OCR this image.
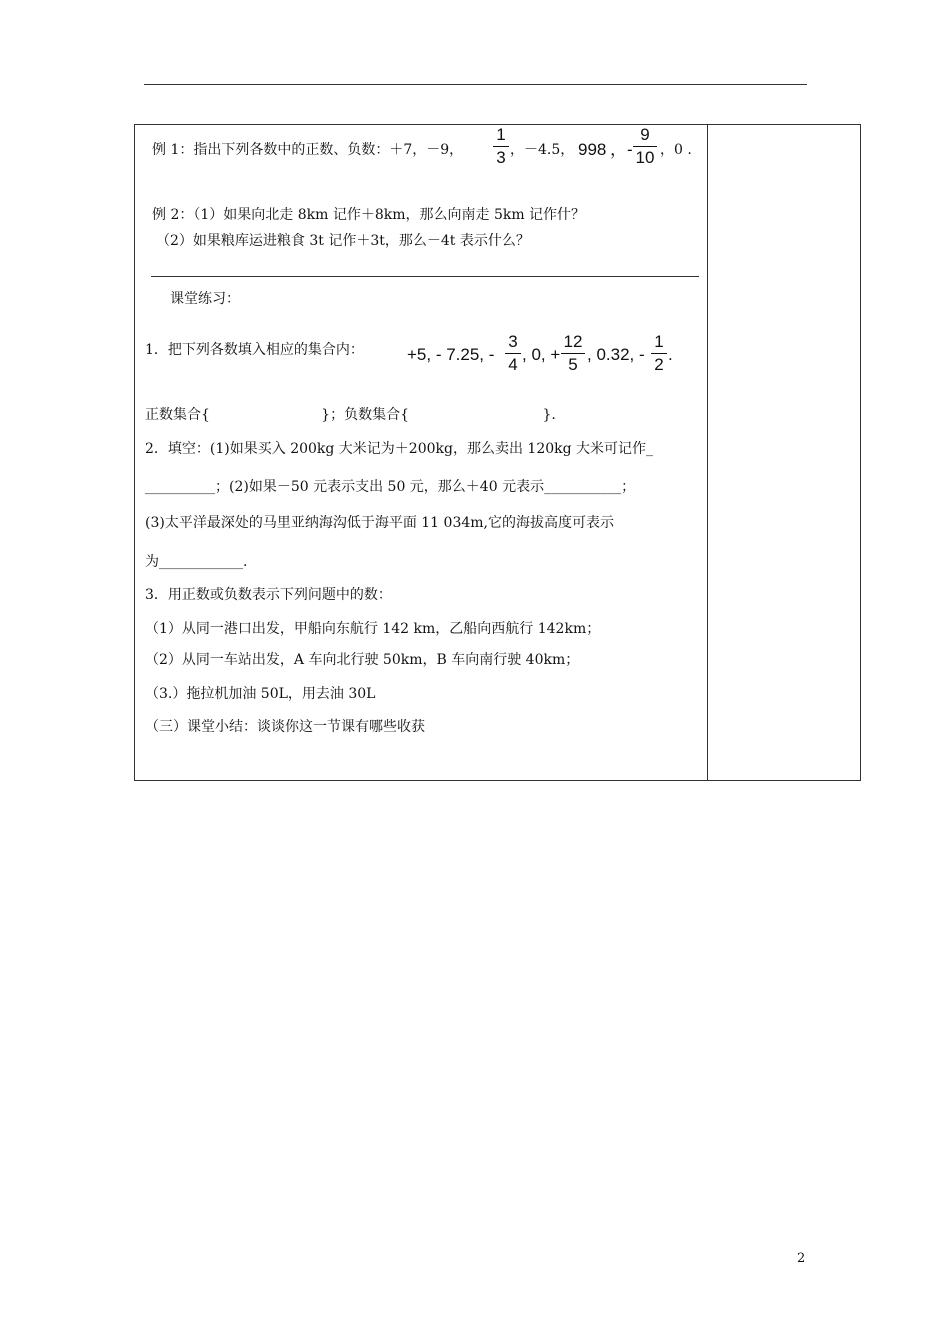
例 1：指出下列各数中的正数、负数：＋7，－9，
1
3 ，－4.5， 998 ，-
9
10 ，0 .
例 2：（1）如果向北走 8km 记作＋8km，那么向南走 5km 记作什？
（2）如果粮库运进粮食 3t 记作＋3t，那么－4t 表示什么？
课堂练习：
1．把下列各数填入相应的集合内：	+5, - 7.25, -
3
4
, 0, +
12
5
, 0.32, -
1
2
.
正数集合{                         }；负数集合{                              }.
2．填空：(1)如果买入 200kg 大米记为＋200kg，那么卖出 120kg 大米可记作_
__________；(2)如果－50 元表示支出 50 元，那么＋40 元表示___________；
(3)太平洋最深处的马里亚纳海沟低于海平面 11 034m,它的海拔高度可表示
为____________.
3．用正数或负数表示下列问题中的数：
（1）从同一港口出发，甲船向东航行 142 km，乙船向西航行 142km；
（2）从同一车站出发，A 车向北行驶 50km，B 车向南行驶 40km；
（3.）拖拉机加油 50L，用去油 30L
（三）课堂小结：谈谈你这一节课有哪些收获
2
